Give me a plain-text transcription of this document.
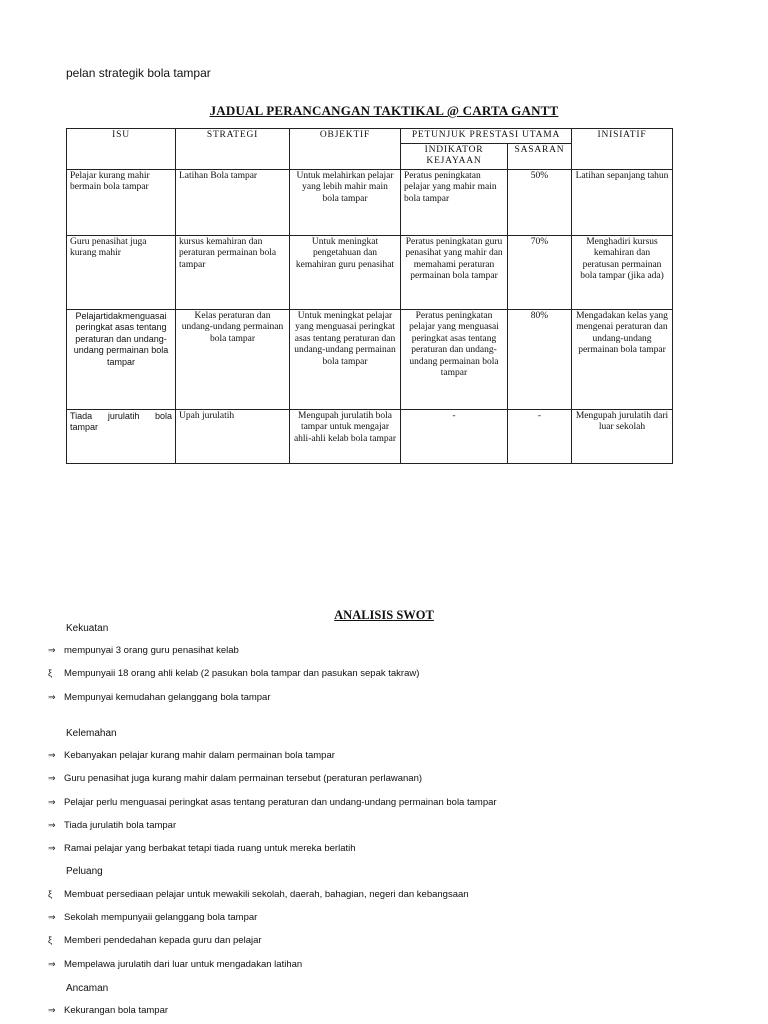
pelan strategik bola tampar
JADUAL PERANCANGAN TAKTIKAL @ CARTA GANTT
ISU	STRATEGI	OBJEKTIF	PETUNJUK PRESTASI UTAMA		INISIATIF
			INDIKATOR KEJAYAAN	SASARAN	
Pelajar kurang mahir bermain bola tampar	Latihan Bola tampar	Untuk melahirkan pelajar yang lebih mahir main bola tampar	Peratus peningkatan pelajar yang mahir main bola tampar	50%	Latihan sepanjang tahun
Guru penasihat juga kurang mahir	kursus kemahiran dan peraturan permainan bola tampar	Untuk meningkat pengetahuan dan kemahiran guru penasihat	Peratus peningkatan guru penasihat yang mahir dan memahami peraturan permainan bola tampar	70%	Menghadiri kursus kemahiran dan peratusan permainan bola tampar (jika ada)
Pelajartidakmenguasai peringkat asas tentang peraturan dan undang-undang permainan bola tampar	Kelas peraturan dan undang-undang permainan bola tampar	Untuk meningkat pelajar yang menguasai peringkat asas tentang peraturan dan undang-undang permainan bola tampar	Peratus peningkatan pelajar yang menguasai peringkat asas tentang peraturan dan undang-undang permainan bola tampar	80%	Mengadakan kelas yang mengenai peraturan dan undang-undang permainan bola tampar
Tiada jurulatih bola tampar	Upah jurulatih	Mengupah jurulatih bola tampar untuk mengajar ahli-ahli kelab bola tampar	-	-	Mengupah jurulatih dari luar sekolah
ANALISIS SWOT
Kekuatan
⇒ mempunyai 3 orang guru penasihat kelab
ξ Mempunyaii 18 orang ahli kelab (2 pasukan bola tampar dan pasukan sepak takraw)
⇒ Mempunyai kemudahan gelanggang bola tampar
Kelemahan
⇒ Kebanyakan pelajar kurang mahir dalam permainan bola tampar
⇒ Guru penasihat juga kurang mahir dalam permainan tersebut (peraturan perlawanan)
⇒ Pelajar perlu menguasai peringkat asas tentang peraturan dan undang-undang permainan bola tampar
⇒ Tiada jurulatih bola tampar
⇒ Ramai pelajar yang berbakat tetapi tiada ruang untuk mereka berlatih
Peluang
ξ Membuat persediaan pelajar untuk mewakili sekolah, daerah, bahagian, negeri dan kebangsaan
⇒ Sekolah mempunyaii gelanggang bola tampar
ξ Memberi pendedahan kepada guru dan pelajar
⇒ Mempelawa jurulatih dari luar untuk mengadakan latihan
Ancaman
⇒ Kekurangan bola tampar
